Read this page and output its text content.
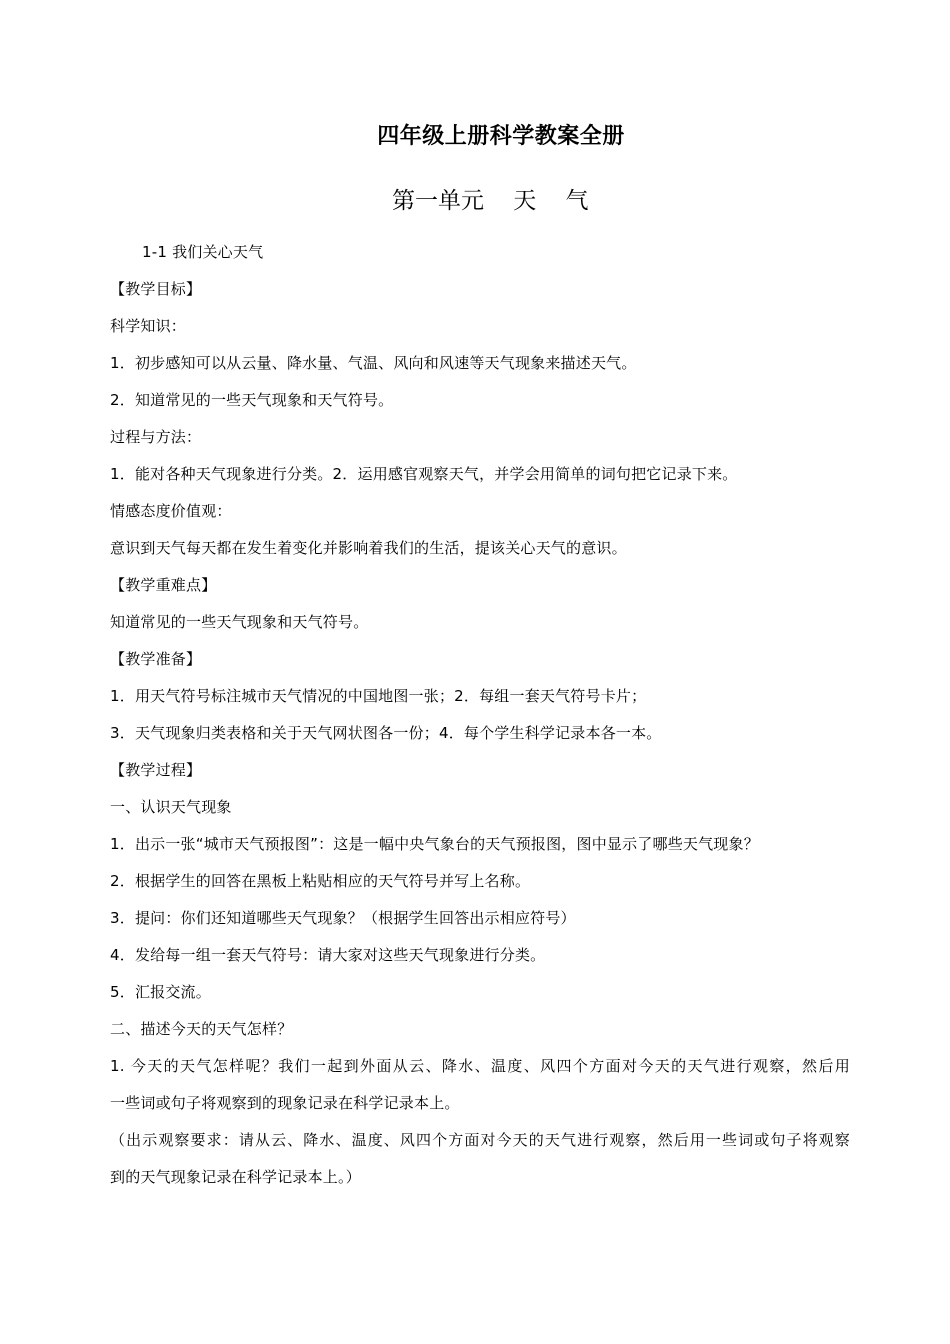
四年级上册科学教案全册
第一单元    天    气
1-1 我们关心天气
【教学目标】
科学知识：
1．初步感知可以从云量、降水量、气温、风向和风速等天气现象来描述天气。
2．知道常见的一些天气现象和天气符号。
过程与方法：
1．能对各种天气现象进行分类。2．运用感官观察天气，并学会用简单的词句把它记录下来。
情感态度价值观：
意识到天气每天都在发生着变化并影响着我们的生活，提该关心天气的意识。
【教学重难点】
知道常见的一些天气现象和天气符号。
【教学准备】
1．用天气符号标注城市天气情况的中国地图一张；2．每组一套天气符号卡片；
3．天气现象归类表格和关于天气网状图各一份；4．每个学生科学记录本各一本。
【教学过程】
一、认识天气现象
1．出示一张“城市天气预报图”：这是一幅中央气象台的天气预报图，图中显示了哪些天气现象？
2．根据学生的回答在黑板上粘贴相应的天气符号并写上名称。
3．提问：你们还知道哪些天气现象？（根据学生回答出示相应符号）
4．发给每一组一套天气符号：请大家对这些天气现象进行分类。
5．汇报交流。
二、描述今天的天气怎样？
1. 今天的天气怎样呢？我们一起到外面从云、降水、温度、风四个方面对今天的天气进行观察，然后用
一些词或句子将观察到的现象记录在科学记录本上。
（出示观察要求：请从云、降水、温度、风四个方面对今天的天气进行观察，然后用一些词或句子将观察
到的天气现象记录在科学记录本上。）
